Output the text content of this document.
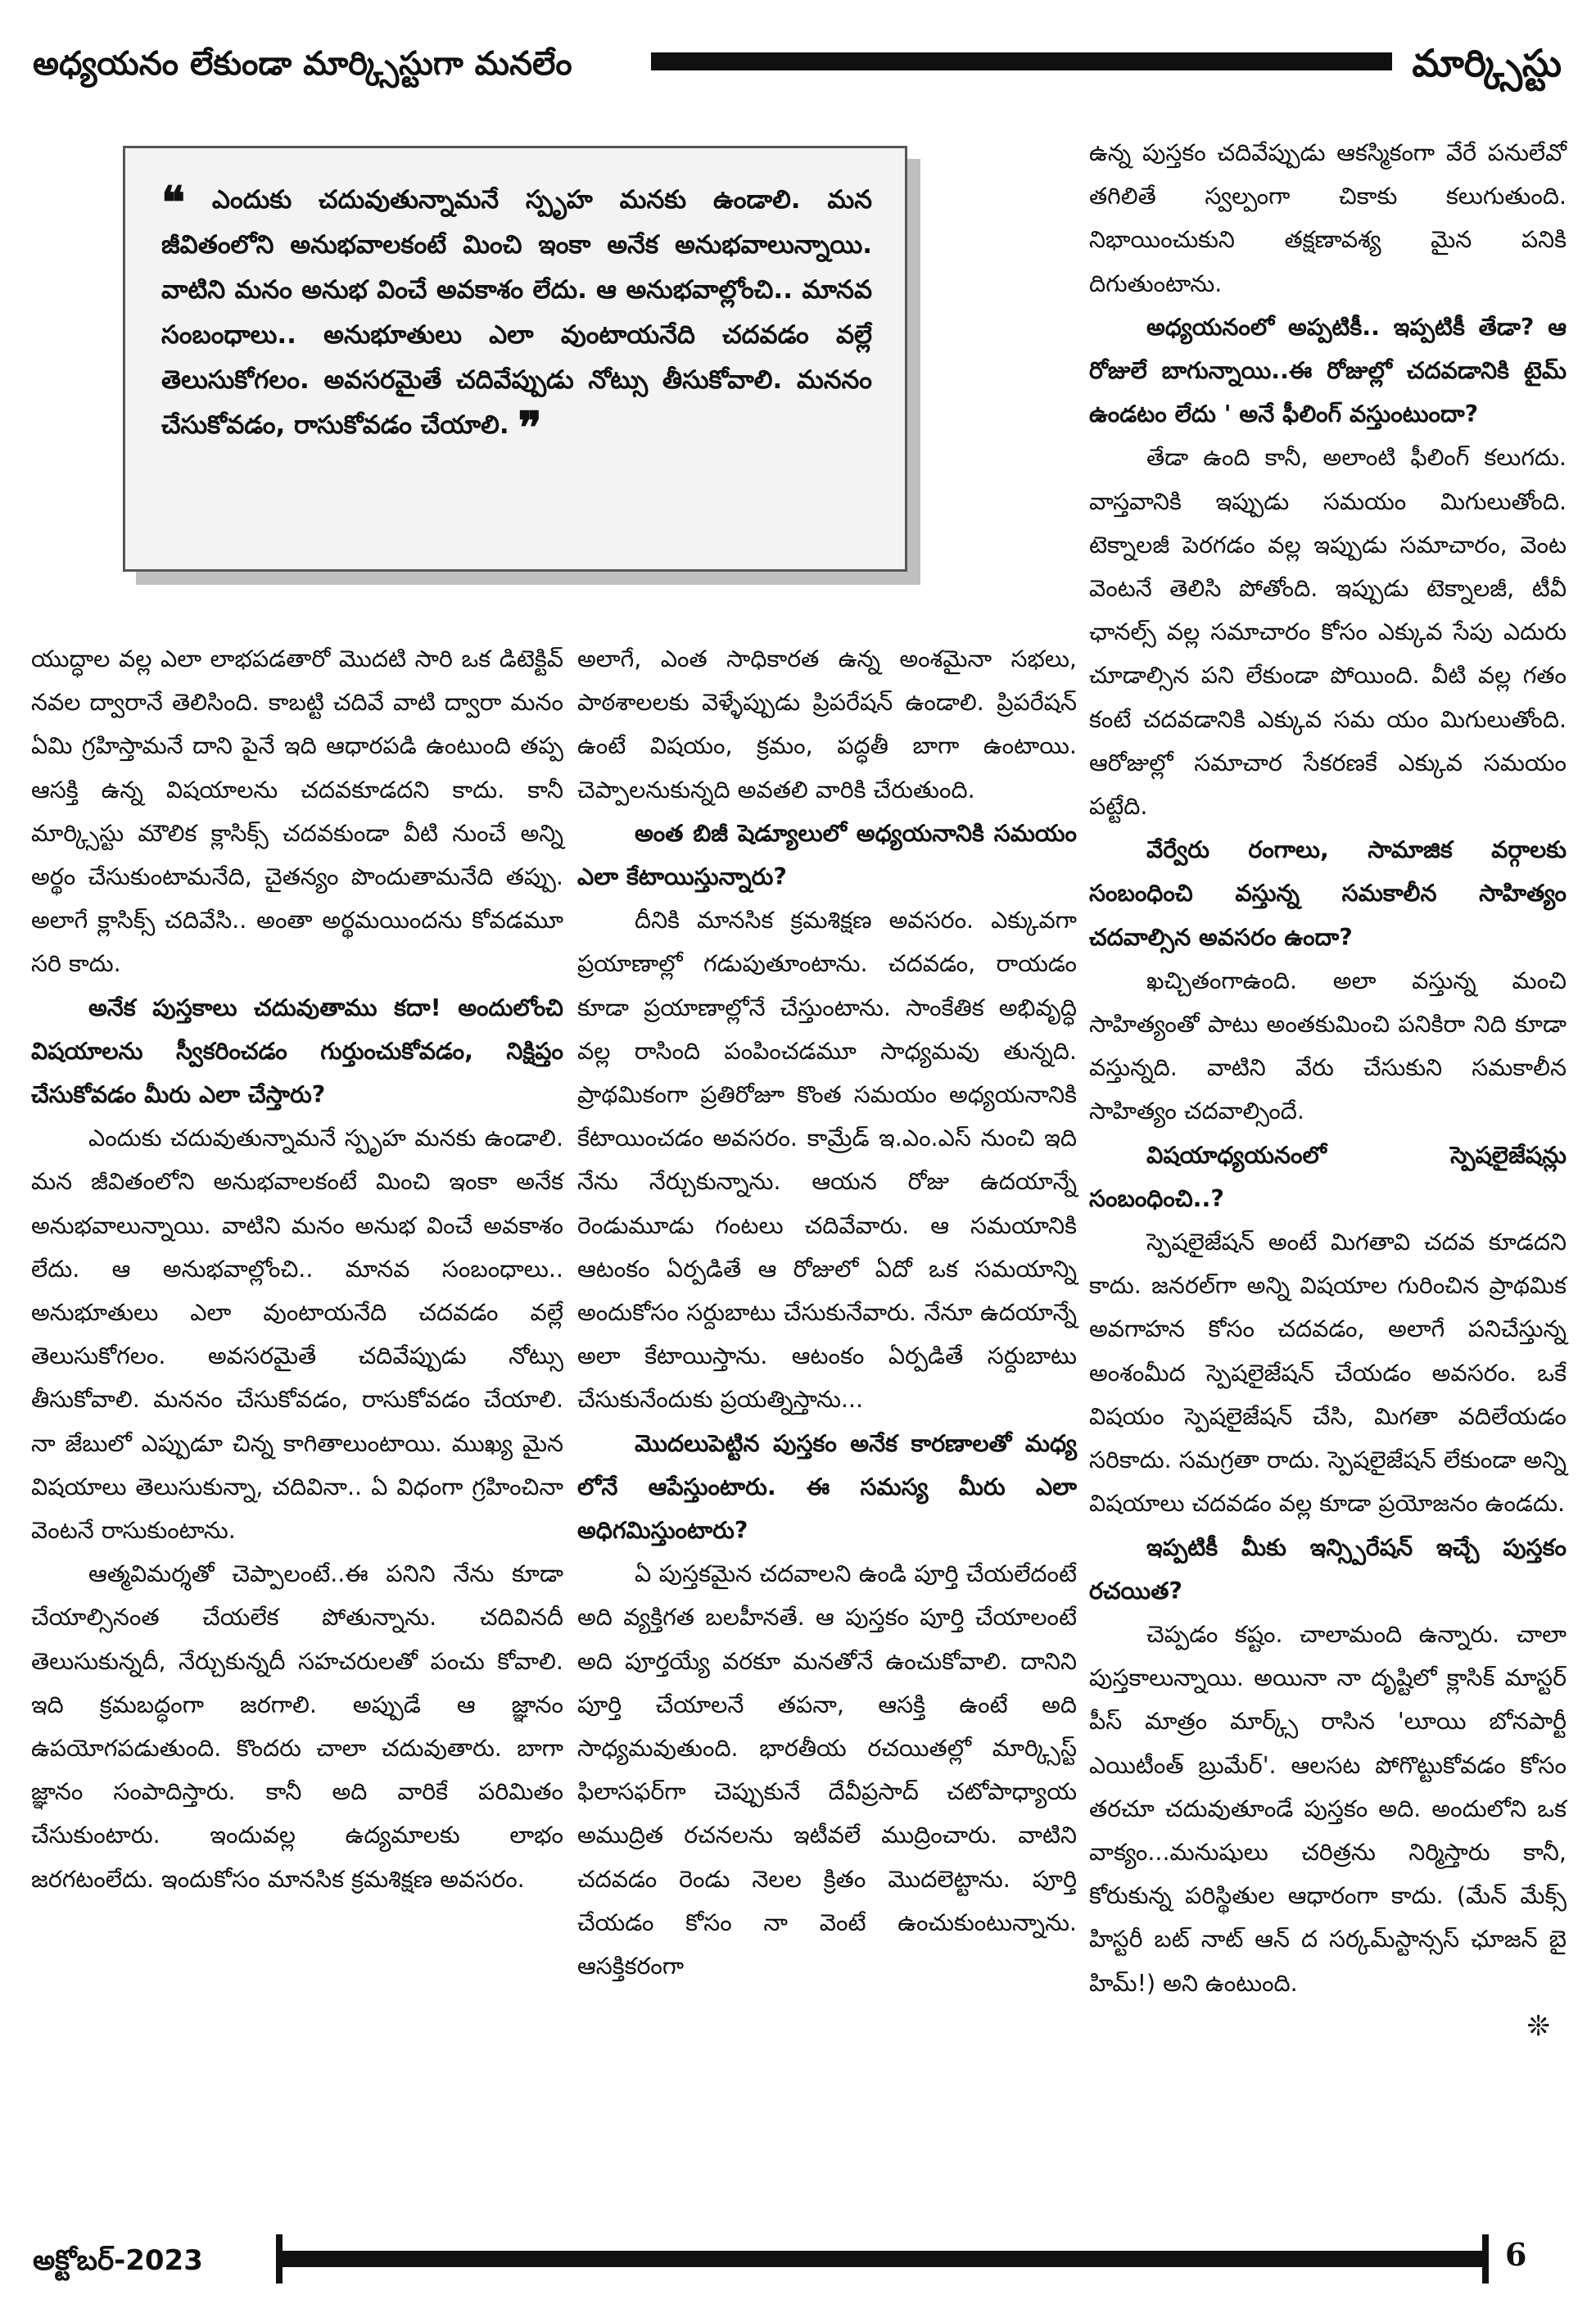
అధ్యయనం లేకుండా మార్క్సిస్టుగా మనలేం	మార్క్సిస్టు

❝ ఎందుకు చదువుతున్నామనే స్పృహ మనకు ఉండాలి. మన జీవితంలోని అనుభవాలకంటే మించి ఇంకా అనేక అనుభవాలున్నాయి. వాటిని మనం అనుభ వించే అవకాశం లేదు. ఆ అనుభవాల్లోంచి.. మానవ సంబంధాలు.. అనుభూతులు ఎలా వుంటాయనేది చదవడం వల్లే తెలుసుకోగలం. అవసరమైతే చదివేప్పుడు నోట్సు తీసుకోవాలి. మననం చేసుకోవడం, రాసుకోవడం చేయాలి. ❞

యుద్ధాల వల్ల ఎలా లాభపడతారో మొదటి సారి ఒక డిటెక్టివ్ నవల ద్వారానే తెలిసింది. కాబట్టి చదివే వాటి ద్వారా మనం ఏమి గ్రహిస్తామనే దాని పైనే ఇది ఆధారపడి ఉంటుంది తప్ప ఆసక్తి ఉన్న విషయాలను చదవకూడదని కాదు. కానీ మార్క్సిస్టు మౌలిక క్లాసిక్స్ చదవకుండా వీటి నుంచే అన్ని అర్థం చేసుకుంటామనేది, చైతన్యం పొందుతామనేది తప్పు. అలాగే క్లాసిక్స్ చదివేసి.. అంతా అర్థమయిందను కోవడమూ సరి కాదు.

అనేక పుస్తకాలు చదువుతాము కదా! అందులోంచి విషయాలను స్వీకరించడం గుర్తుంచుకోవడం, నిక్షిప్తం చేసుకోవడం మీరు ఎలా చేస్తారు?

ఎందుకు చదువుతున్నామనే స్పృహ మనకు ఉండాలి. మన జీవితంలోని అనుభవాలకంటే మించి ఇంకా అనేక అనుభవాలున్నాయి. వాటిని మనం అనుభ వించే అవకాశం లేదు. ఆ అనుభవాల్లోంచి.. మానవ సంబంధాలు.. అనుభూతులు ఎలా వుంటాయనేది చదవడం వల్లే తెలుసుకోగలం. అవసరమైతే చదివేప్పుడు నోట్సు తీసుకోవాలి. మననం చేసుకోవడం, రాసుకోవడం చేయాలి. నా జేబులో ఎప్పుడూ చిన్న కాగితాలుంటాయి. ముఖ్య మైన విషయాలు తెలుసుకున్నా, చదివినా.. ఏ విధంగా గ్రహించినా వెంటనే రాసుకుంటాను.

ఆత్మవిమర్శతో చెప్పాలంటే..ఈ పనిని నేను కూడా చేయాల్సినంత చేయలేక పోతున్నాను. చదివినదీ తెలుసుకున్నదీ, నేర్చుకున్నదీ సహచరులతో పంచు కోవాలి. ఇది క్రమబద్ధంగా జరగాలి. అప్పుడే ఆ జ్ఞానం ఉపయోగపడుతుంది. కొందరు చాలా చదువుతారు. బాగా జ్ఞానం సంపాదిస్తారు. కానీ అది వారికే పరిమితం చేసుకుంటారు. ఇందువల్ల ఉద్యమాలకు లాభం జరగటంలేదు. ఇందుకోసం మానసిక క్రమశిక్షణ అవసరం.

అలాగే, ఎంత సాధికారత ఉన్న అంశమైనా సభలు, పాఠశాలలకు వెళ్ళేప్పుడు ప్రిపరేషన్ ఉండాలి. ప్రిపరేషన్ ఉంటే విషయం, క్రమం, పద్ధతీ బాగా ఉంటాయి. చెప్పాలనుకున్నది అవతలి వారికి చేరుతుంది.

అంత బిజీ షెడ్యూలులో అధ్యయనానికి సమయం ఎలా కేటాయిస్తున్నారు?

దీనికి మానసిక క్రమశిక్షణ అవసరం. ఎక్కువగా ప్రయాణాల్లో గడుపుతూంటాను. చదవడం, రాయడం కూడా ప్రయాణాల్లోనే చేస్తుంటాను. సాంకేతిక అభివృద్ధి వల్ల రాసింది పంపించడమూ సాధ్యమవు తున్నది. ప్రాథమికంగా ప్రతిరోజూ కొంత సమయం అధ్యయనానికి కేటాయించడం అవసరం. కామ్రేడ్ ఇ.ఎం.ఎస్ నుంచి ఇది నేను నేర్చుకున్నాను. ఆయన రోజు ఉదయాన్నే రెండుమూడు గంటలు చదివేవారు. ఆ సమయానికి ఆటంకం ఏర్పడితే ఆ రోజులో ఏదో ఒక సమయాన్ని అందుకోసం సర్దుబాటు చేసుకునేవారు. నేనూ ఉదయాన్నే అలా కేటాయిస్తాను. ఆటంకం ఏర్పడితే సర్దుబాటు చేసుకునేందుకు ప్రయత్నిస్తాను...

మొదలుపెట్టిన పుస్తకం అనేక కారణాలతో మధ్య లోనే ఆపేస్తుంటారు. ఈ సమస్య మీరు ఎలా అధిగమిస్తుంటారు?

ఏ పుస్తకమైన చదవాలని ఉండి పూర్తి చేయలేదంటే అది వ్యక్తిగత బలహీనతే. ఆ పుస్తకం పూర్తి చేయాలంటే అది పూర్తయ్యే వరకూ మనతోనే ఉంచుకోవాలి. దానిని పూర్తి చేయాలనే తపనా, ఆసక్తి ఉంటే అది సాధ్యమవుతుంది. భారతీయ రచయితల్లో మార్క్సిస్ట్ ఫిలాసఫర్‌గా చెప్పుకునే దేవీప్రసాద్ చటోపాధ్యాయ అముద్రిత రచనలను ఇటీవలే ముద్రించారు. వాటిని చదవడం రెండు నెలల క్రితం మొదలెట్టాను. పూర్తి చేయడం కోసం నా వెంటే ఉంచుకుంటున్నాను. ఆసక్తికరంగా

ఉన్న పుస్తకం చదివేప్పుడు ఆకస్మికంగా వేరే పనులేవో తగిలితే స్వల్పంగా చికాకు కలుగుతుంది. నిభాయించుకుని తక్షణావశ్య మైన పనికి దిగుతుంటాను.

అధ్యయనంలో అప్పటికీ.. ఇప్పటికీ తేడా? ఆ రోజులే బాగున్నాయి..ఈ రోజుల్లో చదవడానికి టైమ్ ఉండటం లేదు ' అనే ఫీలింగ్ వస్తుంటుందా?

తేడా ఉంది కానీ, అలాంటి ఫీలింగ్ కలుగదు. వాస్తవానికి ఇప్పుడు సమయం మిగులుతోంది. టెక్నాలజీ పెరగడం వల్ల ఇప్పుడు సమాచారం, వెంట వెంటనే తెలిసి పోతోంది. ఇప్పుడు టెక్నాలజీ, టీవీ ఛానల్స్ వల్ల సమాచారం కోసం ఎక్కువ సేపు ఎదురు చూడాల్సిన పని లేకుండా పోయింది. వీటి వల్ల గతం కంటే చదవడానికి ఎక్కువ సమ యం మిగులుతోంది. ఆరోజుల్లో సమాచార సేకరణకే ఎక్కువ సమయం పట్టేది.

వేర్వేరు రంగాలు, సామాజిక వర్గాలకు సంబంధించి వస్తున్న సమకాలీన సాహిత్యం చదవాల్సిన అవసరం ఉందా?

ఖచ్చితంగాఉంది. అలా వస్తున్న మంచి సాహిత్యంతో పాటు అంతకుమించి పనికిరా నిది కూడా వస్తున్నది. వాటిని వేరు చేసుకుని సమకాలీన సాహిత్యం చదవాల్సిందే.

విషయాధ్యయనంలో స్పెషలైజేషన్లు సంబంధించి..?

స్పెషలైజేషన్ అంటే మిగతావి చదవ కూడదని కాదు. జనరల్‌గా అన్ని విషయాల గురించిన ప్రాథమిక అవగాహన కోసం చదవడం, అలాగే పనిచేస్తున్న అంశంమీద స్పెషలైజేషన్ చేయడం అవసరం. ఒకే విషయం స్పెషలైజేషన్ చేసి, మిగతా వదిలేయడం సరికాదు. సమగ్రతా రాదు. స్పెషలైజేషన్ లేకుండా అన్ని విషయాలు చదవడం వల్ల కూడా ప్రయోజనం ఉండదు.

ఇప్పటికీ మీకు ఇన్స్పిరేషన్ ఇచ్చే పుస్తకం రచయిత?

చెప్పడం కష్టం. చాలామంది ఉన్నారు. చాలా పుస్తకాలున్నాయి. అయినా నా దృష్టిలో క్లాసిక్ మాస్టర్ పీస్ మాత్రం మార్క్స్ రాసిన 'లూయి బోనపార్టీ ఎయిటీంత్ బ్రుమేర్'. ఆలసట పోగొట్టుకోవడం కోసం తరచూ చదువుతూండే పుస్తకం అది. అందులోని ఒక వాక్యం...మనుషులు చరిత్రను నిర్మిస్తారు కానీ, కోరుకున్న పరిస్థితుల ఆధారంగా కాదు. (మేన్ మేక్స్ హిస్టరీ బట్ నాట్ ఆన్ ద సర్కమ్‌స్టాన్సస్ ఛూజన్ బై హిమ్!) అని ఉంటుంది.

❊
అక్టోబర్-2023	6
